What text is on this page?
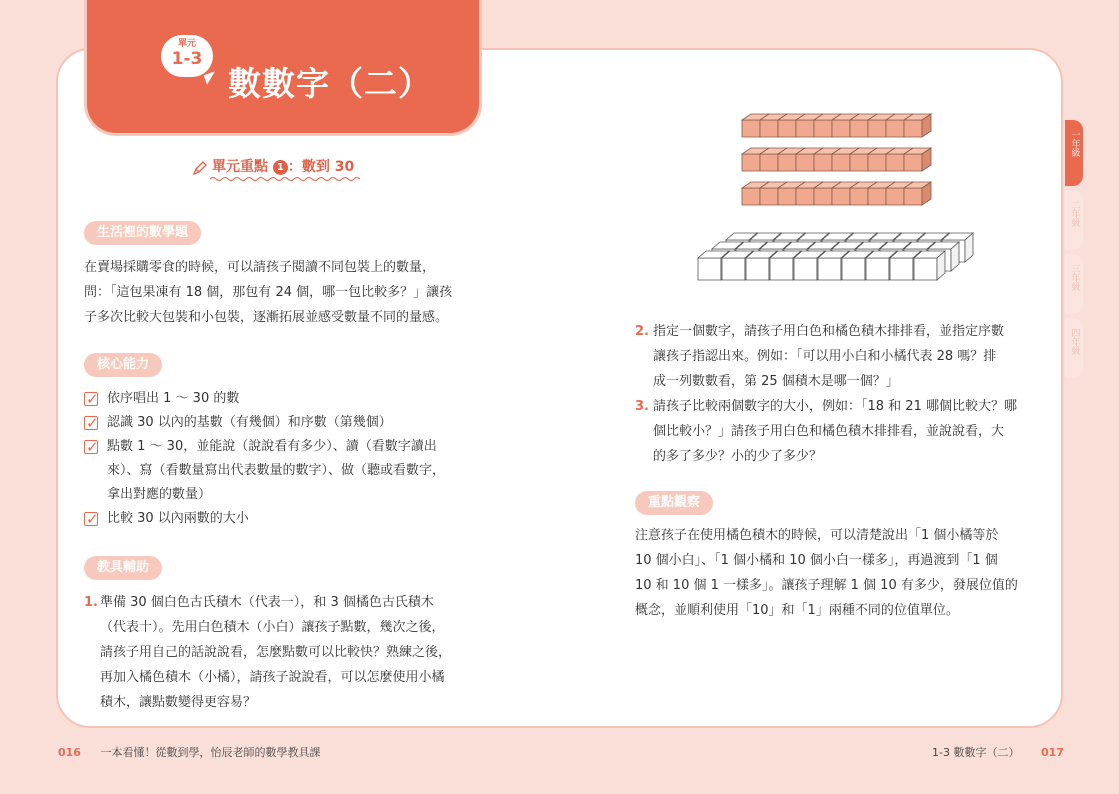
單元
1-3
數數字（二）
單元重點 1 ：數到 30
生活裡的數學題
在賣場採購零食的時候，可以請孩子閱讀不同包裝上的數量，
問：「這包果凍有 18 個，那包有 24 個，哪一包比較多？」讓孩
子多次比較大包裝和小包裝，逐漸拓展並感受數量不同的量感。
核心能力
✓ 依序唱出 1 ～ 30 的數
✓ 認識 30 以內的基數（有幾個）和序數（第幾個）
✓ 點數 1 ～ 30，並能說（說說看有多少）、讀（看數字讀出
來）、寫（看數量寫出代表數量的數字）、做（聽或看數字，
拿出對應的數量）
✓ 比較 30 以內兩數的大小
教具輔助
1. 準備 30 個白色古氏積木（代表一），和 3 個橘色古氏積木
（代表十）。先用白色積木（小白）讓孩子點數，幾次之後，
請孩子用自己的話說說看，怎麼點數可以比較快？熟練之後，
再加入橘色積木（小橘），請孩子說說看，可以怎麼使用小橘
積木，讓點數變得更容易？
2. 指定一個數字，請孩子用白色和橘色積木排排看，並指定序數
讓孩子指認出來。例如：「可以用小白和小橘代表 28 嗎？排
成一列數數看，第 25 個積木是哪一個？」
3. 請孩子比較兩個數字的大小，例如：「18 和 21 哪個比較大？哪
個比較小？」請孩子用白色和橘色積木排排看，並說說看，大
的多了多少？小的少了多少？
重點觀察
注意孩子在使用橘色積木的時候，可以清楚說出「1 個小橘等於
10 個小白」、「1 個小橘和 10 個小白一樣多」，再過渡到「1 個
10 和 10 個 1 一樣多」。讓孩子理解 1 個 10 有多少，發展位值的
概念，並順利使用「10」和「1」兩種不同的位值單位。
一年級
二年級
三年級
四年級
016 一本看懂！從數到學，怡辰老師的數學教具課	1-3 數數字（二） 017
